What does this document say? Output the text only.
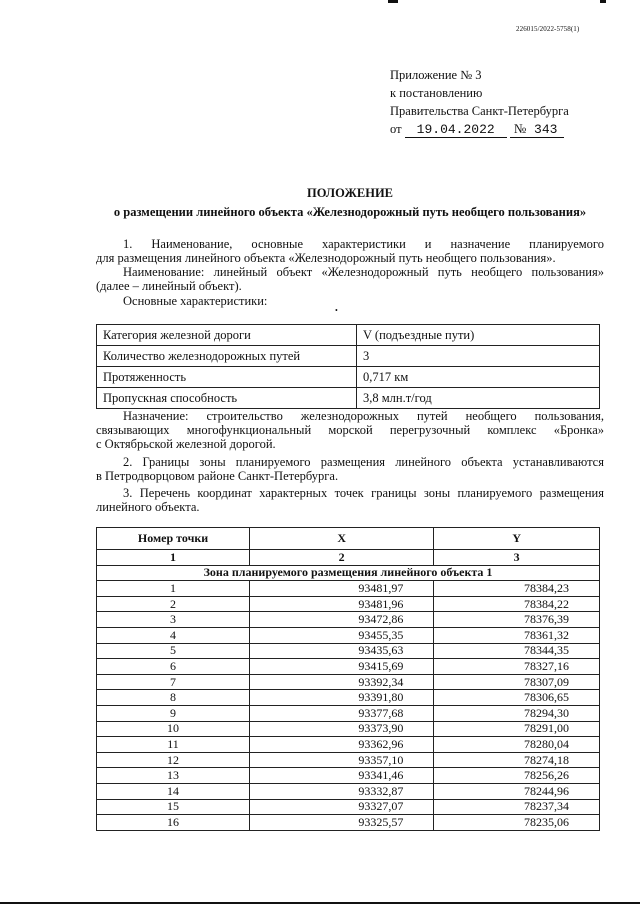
226015/2022-5758(1)
Приложение № 3
к постановлению
Правительства Санкт-Петербурга
от 19.04.2022 № 343
ПОЛОЖЕНИЕ
о размещении линейного объекта «Железнодорожный путь необщего пользования»
1. Наименование, основные характеристики и назначение планируемого
для размещения линейного объекта «Железнодорожный путь необщего пользования».
Наименование: линейный объект «Железнодорожный путь необщего пользования»
(далее – линейный объект).
Основные характеристики:
•
Категория железной дороги	V (подъездные пути)
Количество железнодорожных путей	3
Протяженность	0,717 км
Пропускная способность	3,8 млн.т/год
Назначение: строительство железнодорожных путей необщего пользования,
связывающих многофункциональный морской перегрузочный комплекс «Бронка»
с Октябрьской железной дорогой.
2. Границы зоны планируемого размещения линейного объекта устанавливаются
в Петродворцовом районе Санкт-Петербурга.
3. Перечень координат характерных точек границы зоны планируемого размещения
линейного объекта.
Номер точки	X	Y
1	2	3
Зона планируемого размещения линейного объекта 1		
1	93481,97	78384,23
2	93481,96	78384,22
3	93472,86	78376,39
4	93455,35	78361,32
5	93435,63	78344,35
6	93415,69	78327,16
7	93392,34	78307,09
8	93391,80	78306,65
9	93377,68	78294,30
10	93373,90	78291,00
11	93362,96	78280,04
12	93357,10	78274,18
13	93341,46	78256,26
14	93332,87	78244,96
15	93327,07	78237,34
16	93325,57	78235,06
